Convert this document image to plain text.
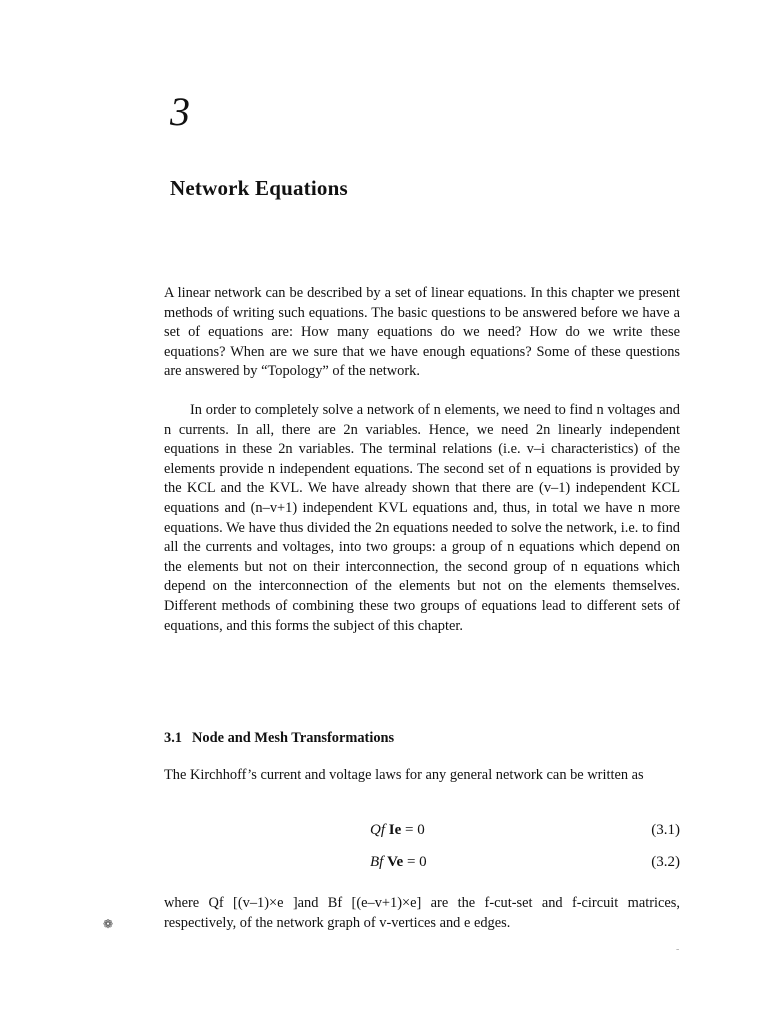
3
Network Equations

A linear network can be described by a set of linear equations. In this chapter we present methods of writing such equations. The basic questions to be answered before we have a set of equations are: How many equations do we need? How do we write these equations? When are we sure that we have enough equations? Some of these questions are answered by “Topology” of the network.

In order to completely solve a network of n elements, we need to find n voltages and n currents. In all, there are 2n variables. Hence, we need 2n linearly independent equations in these 2n variables. The terminal relations (i.e. v–i characteristics) of the elements provide n independent equations. The second set of n equations is provided by the KCL and the KVL. We have already shown that there are (v–1) independent KCL equations and (n–v+1) independent KVL equations and, thus, in total we have n more equations. We have thus divided the 2n equations needed to solve the network, i.e. to find all the currents and voltages, into two groups: a group of n equations which depend on the elements but not on their interconnection, the second group of n equations which depend on the interconnection of the elements but not on the elements themselves. Different methods of combining these two groups of equations lead to different sets of equations, and this forms the subject of this chapter.

3.1 Node and Mesh Transformations

The Kirchhoff’s current and voltage laws for any general network can be written as

Qf Ie = 0	(3.1)
Bf Ve = 0	(3.2)

where Qf [(v–1)×e ]and Bf [(e–v+1)×e] are the f-cut-set and f-circuit matrices, respectively, of the network graph of v-vertices and e edges.

❁
-
